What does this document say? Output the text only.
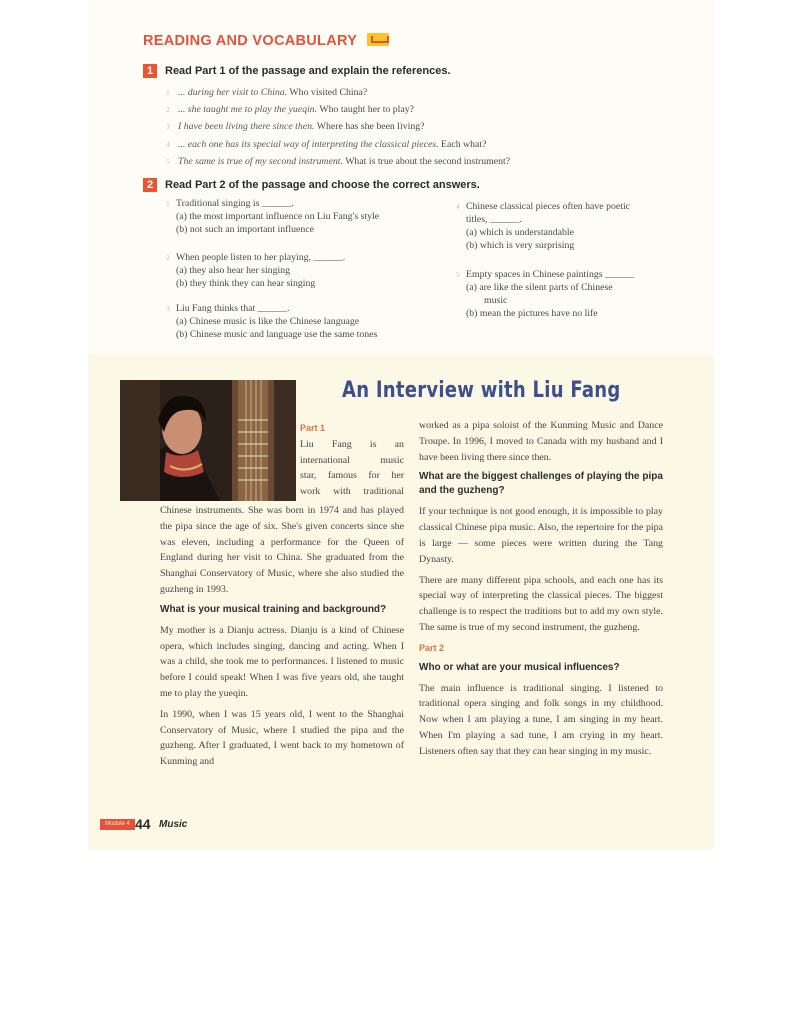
READING AND VOCABULARY
1 Read Part 1 of the passage and explain the references.
1 ... during her visit to China. Who visited China?
2 ... she taught me to play the yueqin. Who taught her to play?
3 I have been living there since then. Where has she been living?
4 ... each one has its special way of interpreting the classical pieces. Each what?
5 The same is true of my second instrument. What is true about the second instrument?
2 Read Part 2 of the passage and choose the correct answers.
1 Traditional singing is ______.
(a) the most important influence on Liu Fang's style
(b) not such an important influence
2 When people listen to her playing, ______.
(a) they also hear her singing
(b) they think they can hear singing
3 Liu Fang thinks that ______.
(a) Chinese music is like the Chinese language
(b) Chinese music and language use the same tones
4 Chinese classical pieces often have poetic
titles, ______.
(a) which is understandable
(b) which is very surprising
5 Empty spaces in Chinese paintings ______
(a) are like the silent parts of Chinese
music
(b) mean the pictures have no life
An Interview with Liu Fang
Part 1
Liu Fang is an
international music
star, famous for her
work with traditional

Chinese instruments. She was born in 1974 and has played the pipa since the age of six. She's given concerts since she was eleven, including a performance for the Queen of England during her visit to China. She graduated from the Shanghai Conservatory of Music, where she also studied the guzheng in 1993.

What is your musical training and background?

My mother is a Dianju actress. Dianju is a kind of Chinese opera, which includes singing, dancing and acting. When I was a child, she took me to performances. I listened to music before I could speak! When I was five years old, she taught me to play the yueqin.

In 1990, when I was 15 years old, I went to the Shanghai Conservatory of Music, where I studied the pipa and the guzheng. After I graduated, I went back to my hometown of Kunming and

worked as a pipa soloist of the Kunming Music and Dance Troupe. In 1996, I moved to Canada with my husband and I have been living there since then.

What are the biggest challenges of playing the pipa and the guzheng?

If your technique is not good enough, it is impossible to play classical Chinese pipa music. Also, the repertoire for the pipa is large — some pieces were written during the Tang Dynasty.

There are many different pipa schools, and each one has its special way of interpreting the classical pieces. The biggest challenge is to respect the traditions but to add my own style. The same is true of my second instrument, the guzheng.

Part 2
Who or what are your musical influences?

The main influence is traditional singing. I listened to traditional opera singing and folk songs in my childhood. Now when I am playing a tune, I am singing in my heart. When I'm playing a sad tune, I am crying in my heart. Listeners often say that they can hear singing in my music.

Module 4 44 Music
